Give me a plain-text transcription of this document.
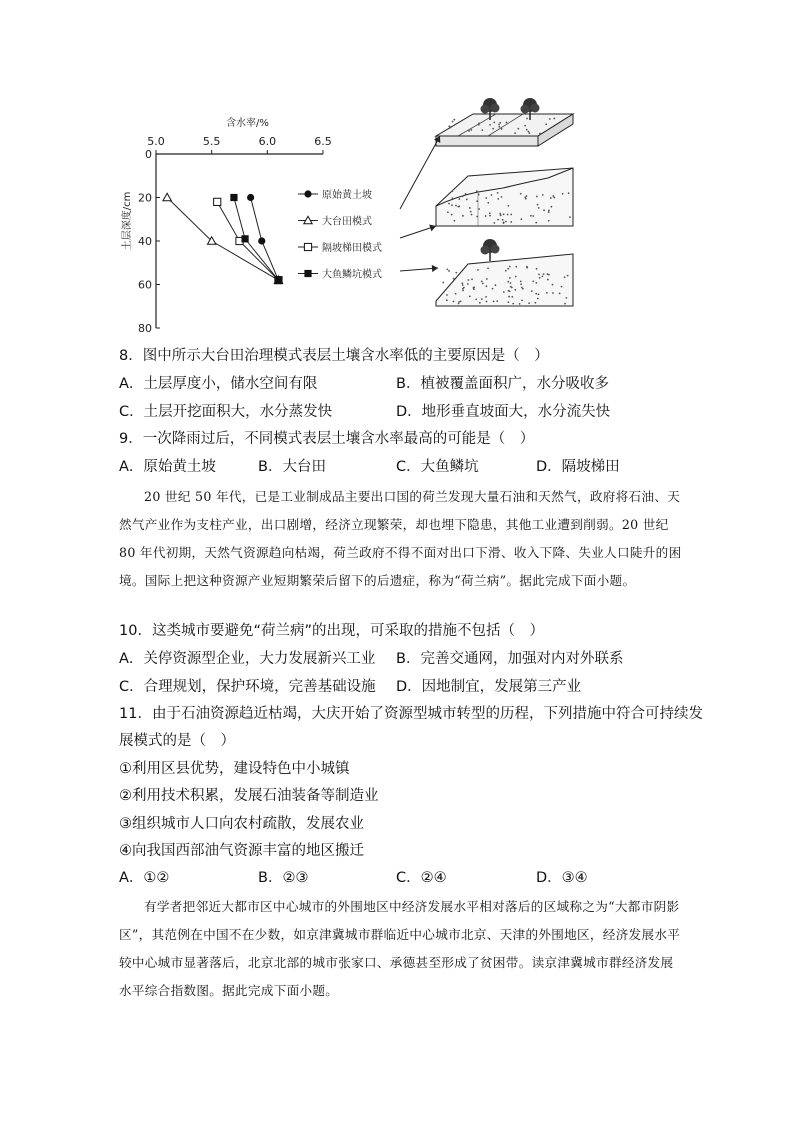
5.0	5.5	6.0	6.5
0
20
40
60
80
含水率/%
土层深度/cm	原始黄土坡
大台田模式
隔坡梯田模式
大鱼鳞坑模式
8．图中所示大台田治理模式表层土壤含水率低的主要原因是（　）
A．土层厚度小，储水空间有限	B．植被覆盖面积广，水分吸收多
C．土层开挖面积大，水分蒸发快	D．地形垂直坡面大，水分流失快
9．一次降雨过后，不同模式表层土壤含水率最高的可能是（　）
A．原始黄土坡	B．大台田	C．大鱼鳞坑	D．隔坡梯田
20 世纪 50 年代，已是工业制成品主要出口国的荷兰发现大量石油和天然气，政府将石油、天然气产业作为支柱产业，出口剧增，经济立现繁荣，却也埋下隐患，其他工业遭到削弱。20 世纪 80 年代初期，天然气资源趋向枯竭，荷兰政府不得不面对出口下滑、收入下降、失业人口陡升的困境。国际上把这种资源产业短期繁荣后留下的后遗症，称为“荷兰病”。据此完成下面小题。
10．这类城市要避免“荷兰病”的出现，可采取的措施不包括（　）
A．关停资源型企业，大力发展新兴工业 B．完善交通网，加强对内对外联系
C．合理规划，保护环境，完善基础设施 D．因地制宜，发展第三产业
11．由于石油资源趋近枯竭，大庆开始了资源型城市转型的历程，下列措施中符合可持续发
展模式的是（　）
①利用区县优势，建设特色中小城镇
②利用技术积累，发展石油装备等制造业
③组织城市人口向农村疏散，发展农业
④向我国西部油气资源丰富的地区搬迁
A．①②	B．②③	C．②④	D．③④
有学者把邻近大都市区中心城市的外围地区中经济发展水平相对落后的区域称之为“大都市阴影区”，其范例在中国不在少数，如京津冀城市群临近中心城市北京、天津的外围地区，经济发展水平较中心城市显著落后，北京北部的城市张家口、承德甚至形成了贫困带。读京津冀城市群经济发展水平综合指数图。据此完成下面小题。
